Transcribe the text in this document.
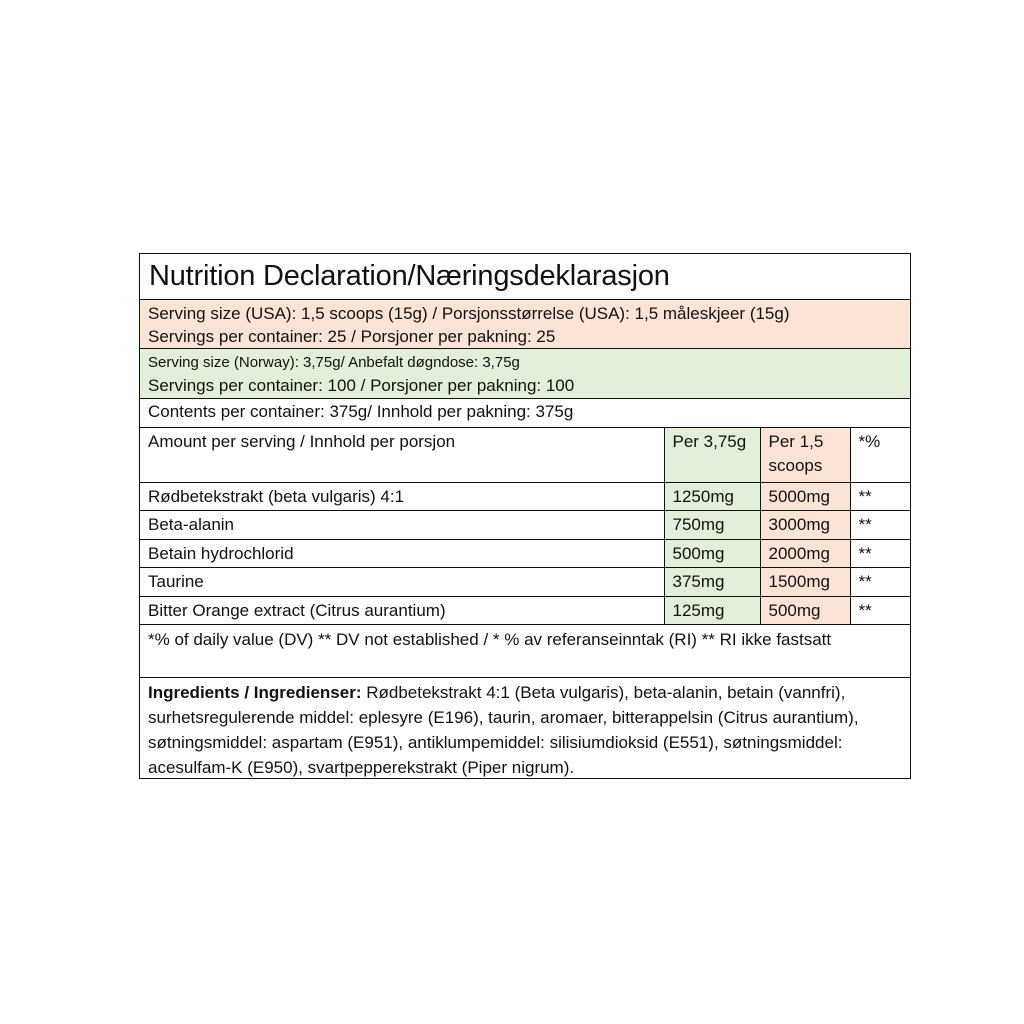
Nutrition Declaration/Næringsdeklarasjon
Serving size (USA): 1,5 scoops (15g) / Porsjonsstørrelse (USA): 1,5 måleskjeer (15g)
Servings per container: 25 / Porsjoner per pakning: 25
Serving size (Norway): 3,75g/ Anbefalt døgndose: 3,75g
Servings per container: 100 / Porsjoner per pakning: 100
Contents per container: 375g/ Innhold per pakning: 375g
Amount per serving / Innhold per porsjon	Per 3,75g	Per 1,5 scoops	*%
Rødbetekstrakt (beta vulgaris) 4:1	1250mg	5000mg	**
Beta-alanin	750mg	3000mg	**
Betain hydrochlorid	500mg	2000mg	**
Taurine	375mg	1500mg	**
Bitter Orange extract (Citrus aurantium)	125mg	500mg	**
*% of daily value (DV) ** DV not established / * % av referanseinntak (RI) ** RI ikke fastsatt
Ingredients / Ingredienser: Rødbetekstrakt 4:1 (Beta vulgaris), beta-alanin, betain (vannfri), surhetsregulerende middel: eplesyre (E196), taurin, aromaer, bitterappelsin (Citrus aurantium), søtningsmiddel: aspartam (E951), antiklumpemiddel: silisiumdioksid (E551), søtningsmiddel: acesulfam-K (E950), svartpepperekstrakt (Piper nigrum).
